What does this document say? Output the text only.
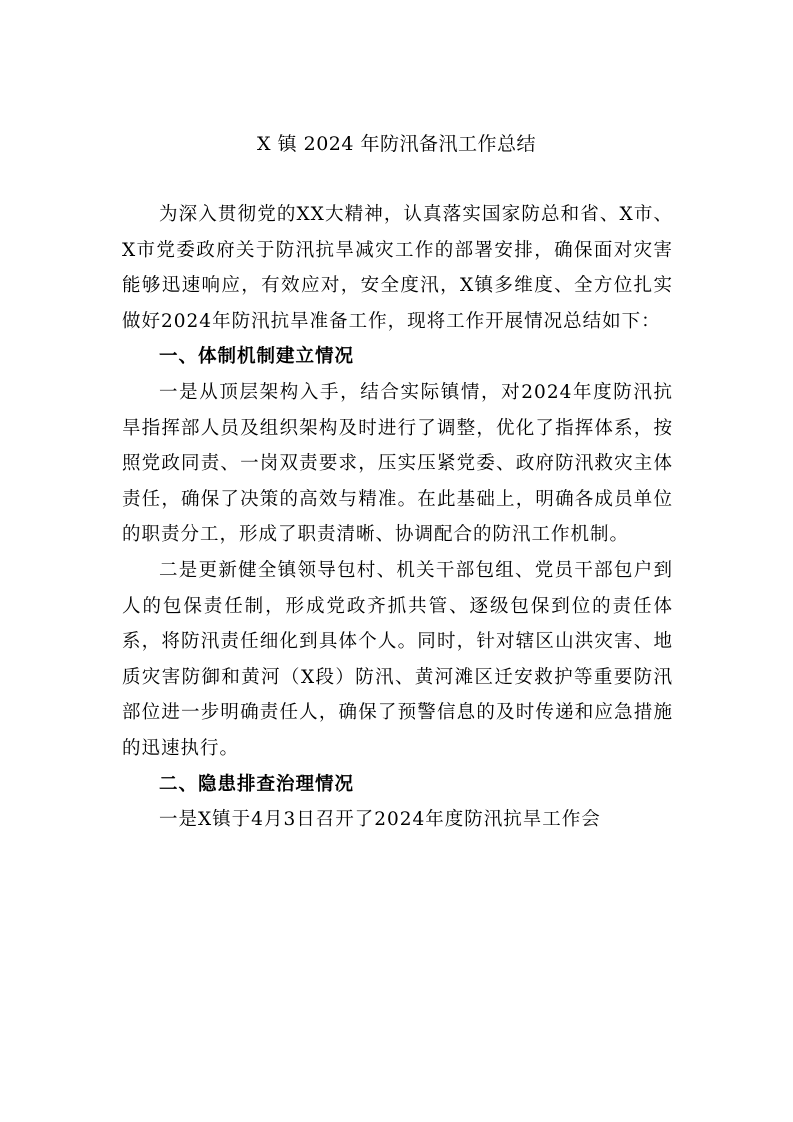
X 镇 2024 年防汛备汛工作总结

为深入贯彻党的XX大精神，认真落实国家防总和省、X市、X市党委政府关于防汛抗旱减灾工作的部署安排，确保面对灾害能够迅速响应，有效应对，安全度汛，X镇多维度、全方位扎实做好2024年防汛抗旱准备工作，现将工作开展情况总结如下：

一、体制机制建立情况

一是从顶层架构入手，结合实际镇情，对2024年度防汛抗旱指挥部人员及组织架构及时进行了调整，优化了指挥体系，按照党政同责、一岗双责要求，压实压紧党委、政府防汛救灾主体责任，确保了决策的高效与精准。在此基础上，明确各成员单位的职责分工，形成了职责清晰、协调配合的防汛工作机制。

二是更新健全镇领导包村、机关干部包组、党员干部包户到人的包保责任制，形成党政齐抓共管、逐级包保到位的责任体系，将防汛责任细化到具体个人。同时，针对辖区山洪灾害、地质灾害防御和黄河（X段）防汛、黄河滩区迁安救护等重要防汛部位进一步明确责任人，确保了预警信息的及时传递和应急措施的迅速执行。

二、隐患排查治理情况

一是X镇于4月3日召开了2024年度防汛抗旱工作会
